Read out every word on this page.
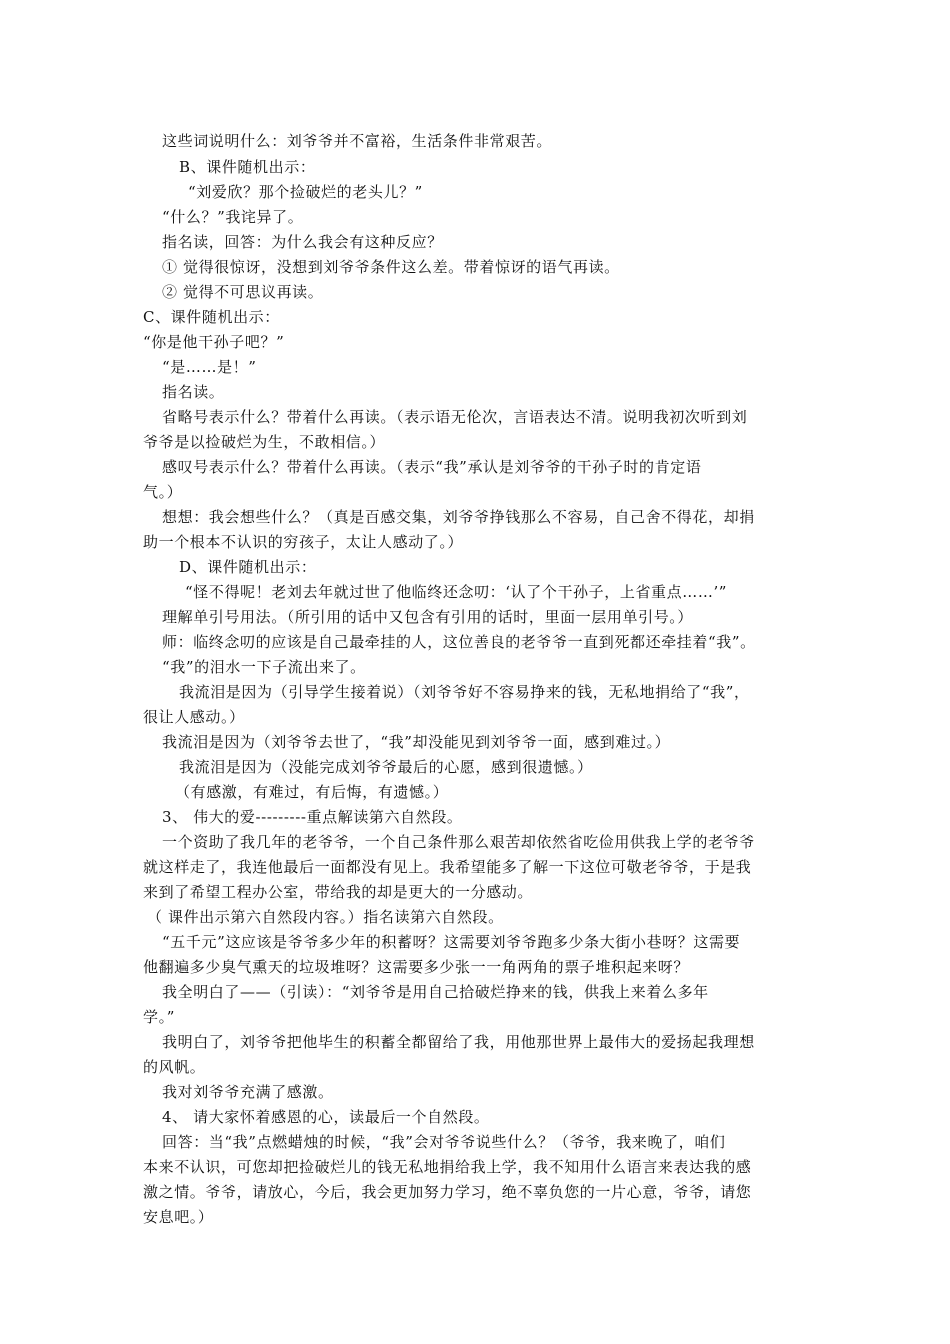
这些词说明什么：刘爷爷并不富裕，生活条件非常艰苦。
B、课件随机出示：
“刘爱欣？那个捡破烂的老头儿？”
“什么？”我诧异了。
指名读，回答：为什么我会有这种反应？
① 觉得很惊讶，没想到刘爷爷条件这么差。带着惊讶的语气再读。
② 觉得不可思议再读。
C、课件随机出示：
“你是他干孙子吧？”
“是……是！”
指名读。
省略号表示什么？带着什么再读。（表示语无伦次，言语表达不清。说明我初次听到刘
爷爷是以捡破烂为生，不敢相信。）
感叹号表示什么？带着什么再读。（表示“我”承认是刘爷爷的干孙子时的肯定语
气。）
想想：我会想些什么？（真是百感交集，刘爷爷挣钱那么不容易，自己舍不得花，却捐
助一个根本不认识的穷孩子，太让人感动了。）
D、课件随机出示：
“怪不得呢！老刘去年就过世了他临终还念叨：‘认了个干孙子，上省重点……’”
理解单引号用法。（所引用的话中又包含有引用的话时，里面一层用单引号。）
师：临终念叨的应该是自己最牵挂的人，这位善良的老爷爷一直到死都还牵挂着“我”。
“我”的泪水一下子流出来了。
我流泪是因为（引导学生接着说）（刘爷爷好不容易挣来的钱，无私地捐给了“我”，
很让人感动。）
我流泪是因为（刘爷爷去世了，“我”却没能见到刘爷爷一面，感到难过。）
我流泪是因为（没能完成刘爷爷最后的心愿，感到很遗憾。）
（有感激，有难过，有后悔，有遗憾。）
3、 伟大的爱---------重点解读第六自然段。
一个资助了我几年的老爷爷，一个自己条件那么艰苦却依然省吃俭用供我上学的老爷爷
就这样走了，我连他最后一面都没有见上。我希望能多了解一下这位可敬老爷爷，于是我
来到了希望工程办公室，带给我的却是更大的一分感动。
（ 课件出示第六自然段内容。）指名读第六自然段。
“五千元”这应该是爷爷多少年的积蓄呀？这需要刘爷爷跑多少条大街小巷呀？这需要
他翻遍多少臭气熏天的垃圾堆呀？这需要多少张一一角两角的票子堆积起来呀？
我全明白了——（引读）：“刘爷爷是用自己拾破烂挣来的钱，供我上来着么多年
学。”
我明白了，刘爷爷把他毕生的积蓄全都留给了我，用他那世界上最伟大的爱扬起我理想
的风帆。
我对刘爷爷充满了感激。
4、 请大家怀着感恩的心，读最后一个自然段。
回答：当“我”点燃蜡烛的时候，“我”会对爷爷说些什么？（爷爷，我来晚了，咱们
本来不认识，可您却把捡破烂儿的钱无私地捐给我上学，我不知用什么语言来表达我的感
激之情。爷爷，请放心，今后，我会更加努力学习，绝不辜负您的一片心意，爷爷，请您
安息吧。）
